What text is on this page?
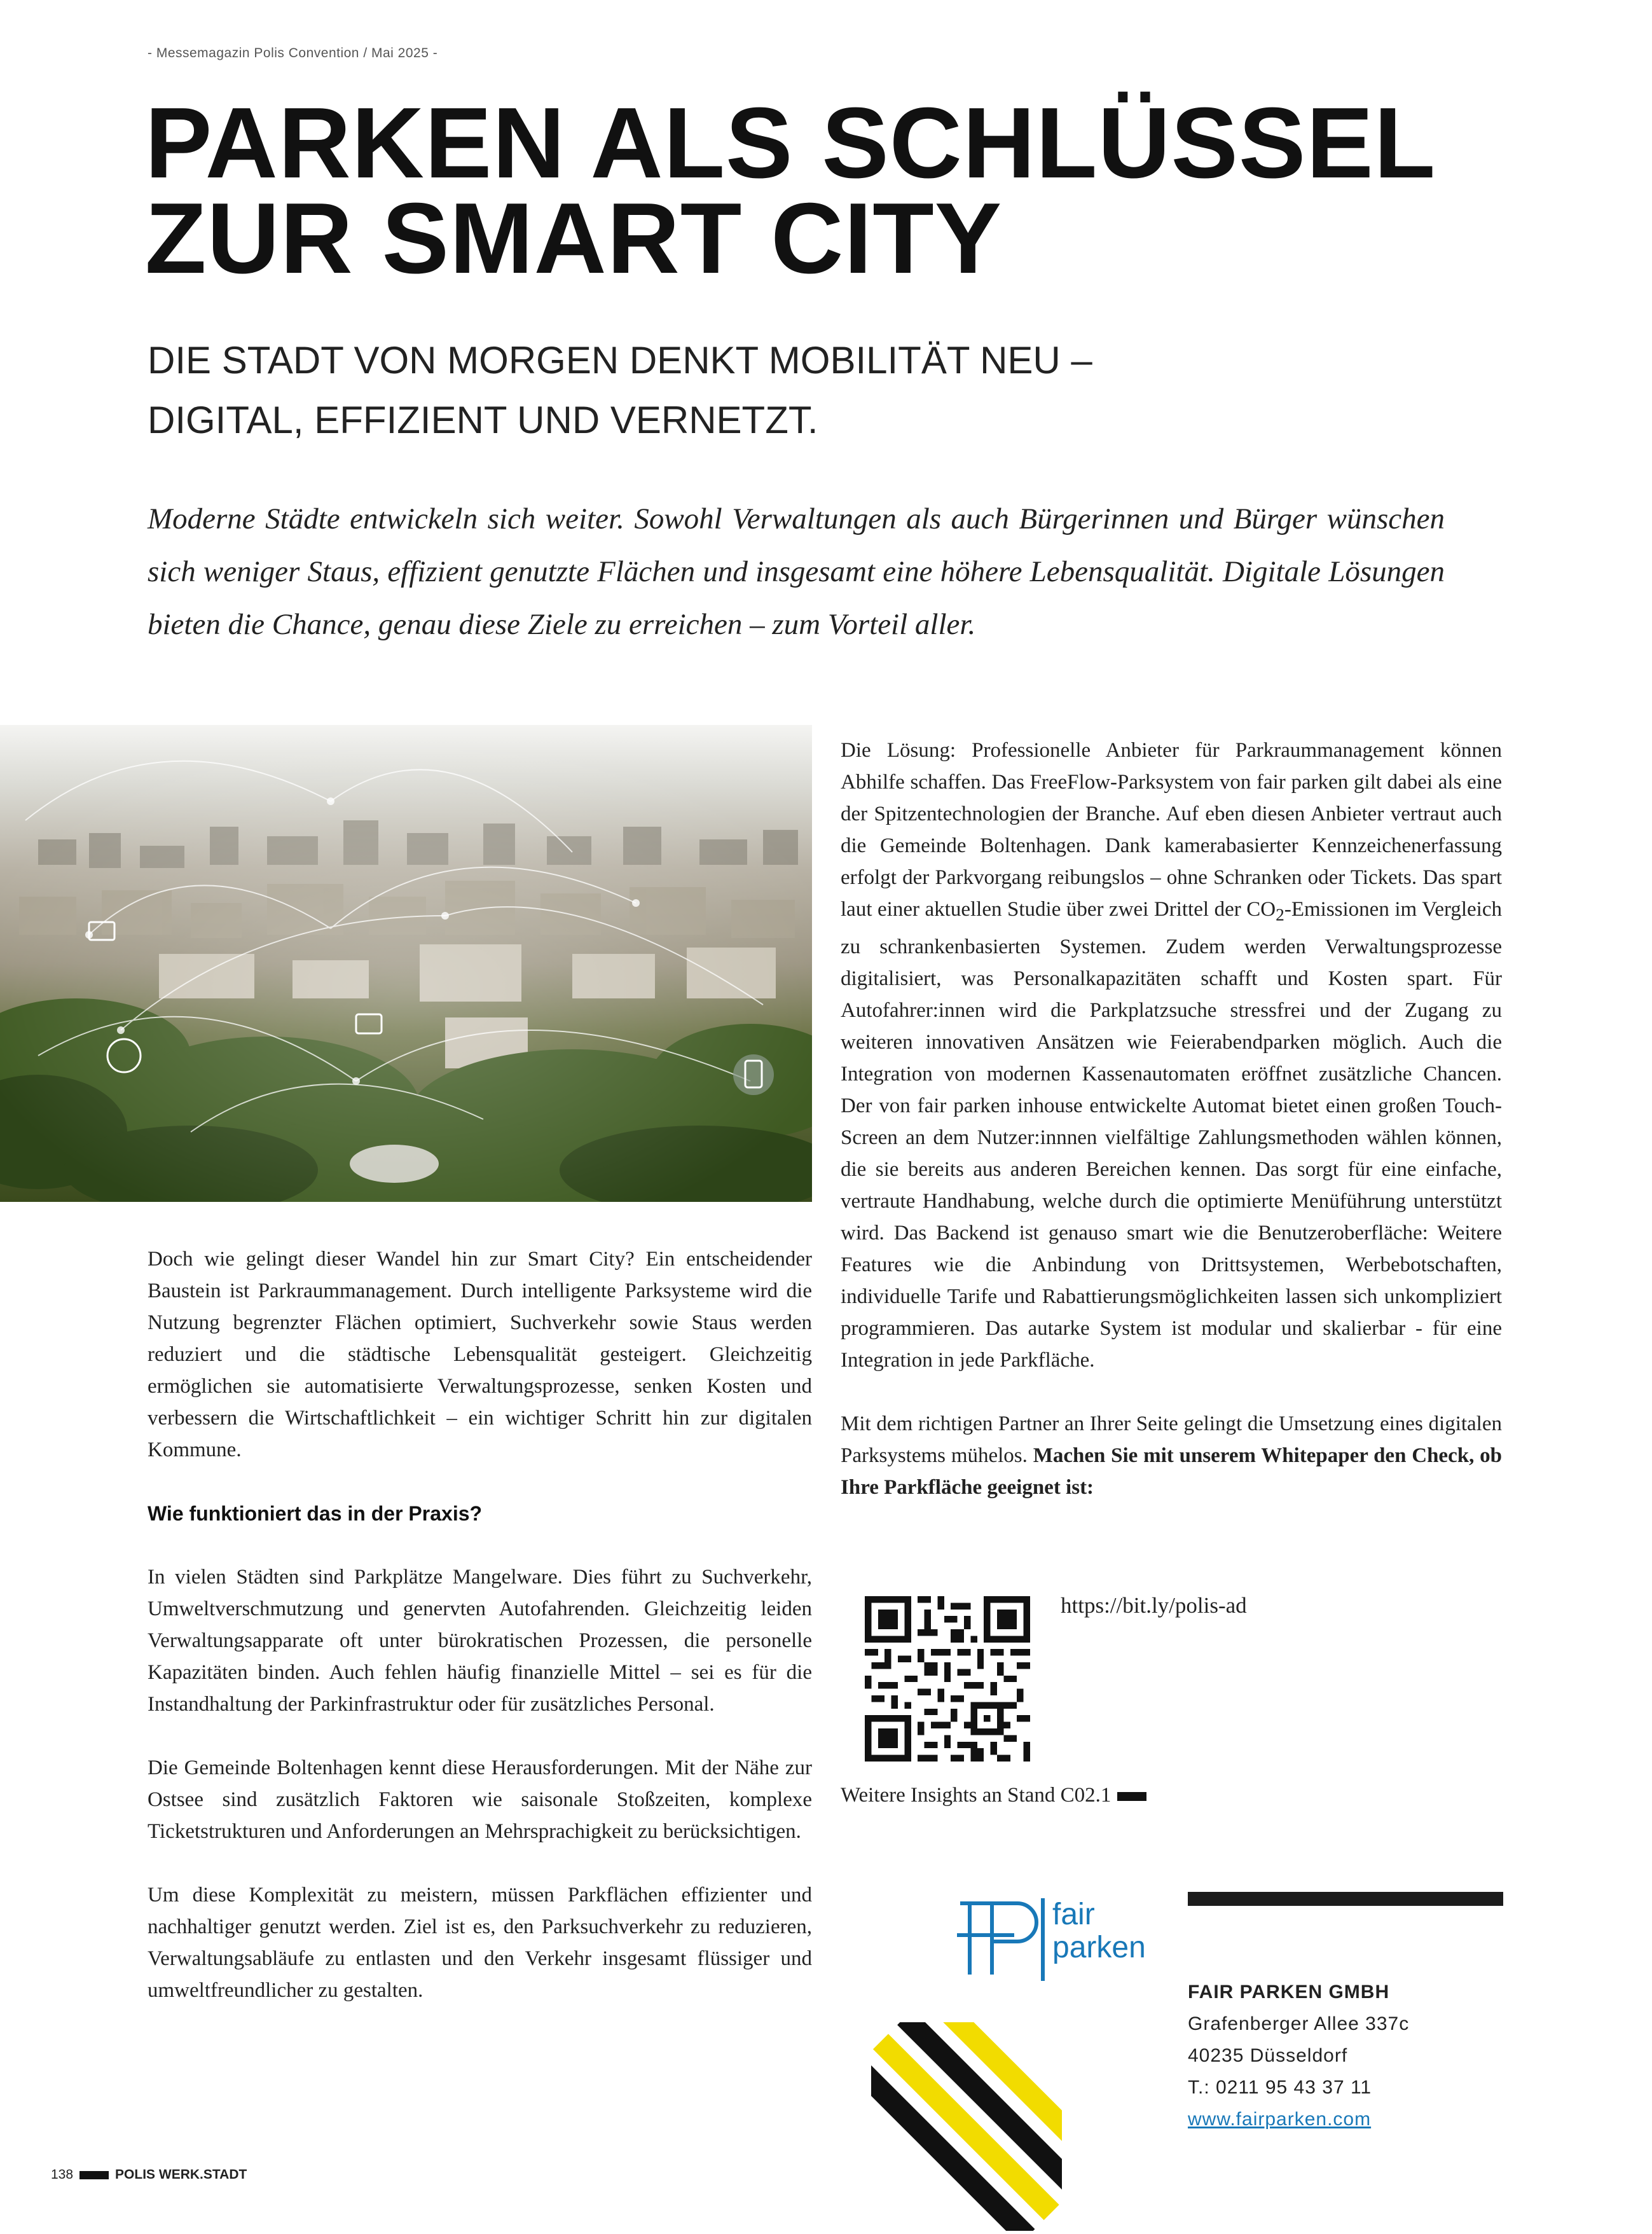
- Messemagazin Polis Convention / Mai 2025 -
PARKEN ALS SCHLÜSSEL
ZUR SMART CITY
DIE STADT VON MORGEN DENKT MOBILITÄT NEU –
DIGITAL, EFFIZIENT UND VERNETZT.

Moderne Städte entwickeln sich weiter. Sowohl Verwaltungen als auch Bürgerinnen und Bürger wünschen sich weniger Staus, effizient genutzte Flächen und insgesamt eine höhere Lebensqualität. Digitale Lösungen bieten die Chance, genau diese Ziele zu erreichen – zum Vorteil aller.

Doch wie gelingt dieser Wandel hin zur Smart City? Ein entscheidender Baustein ist Parkraummanagement. Durch intelligente Parksysteme wird die Nutzung begrenzter Flächen optimiert, Suchverkehr sowie Staus werden reduziert und die städtische Lebensqualität gesteigert. Gleichzeitig ermöglichen sie automatisierte Verwaltungsprozesse, senken Kosten und verbessern die Wirtschaftlichkeit – ein wichtiger Schritt hin zur digitalen Kommune.

Wie funktioniert das in der Praxis?

In vielen Städten sind Parkplätze Mangelware. Dies führt zu Suchverkehr, Umweltverschmutzung und genervten Autofahrenden. Gleichzeitig leiden Verwaltungsapparate oft unter bürokratischen Prozessen, die personelle Kapazitäten binden. Auch fehlen häufig finanzielle Mittel – sei es für die Instandhaltung der Parkinfrastruktur oder für zusätzliches Personal.

Die Gemeinde Boltenhagen kennt diese Herausforderungen. Mit der Nähe zur Ostsee sind zusätzlich Faktoren wie saisonale Stoßzeiten, komplexe Ticketstrukturen und Anforderungen an Mehrsprachigkeit zu berücksichtigen.

Um diese Komplexität zu meistern, müssen Parkflächen effizienter und nachhaltiger genutzt werden. Ziel ist es, den Parksuchverkehr zu reduzieren, Verwaltungsabläufe zu entlasten und den Verkehr insgesamt flüssiger und umweltfreundlicher zu gestalten.

Die Lösung: Professionelle Anbieter für Parkraummanagement können Abhilfe schaffen. Das FreeFlow-Parksystem von fair parken gilt dabei als eine der Spitzentechnologien der Branche. Auf eben diesen Anbieter vertraut auch die Gemeinde Boltenhagen. Dank kamerabasierter Kennzeichenerfassung erfolgt der Parkvorgang reibungslos – ohne Schranken oder Tickets. Das spart laut einer aktuellen Studie über zwei Drittel der $CO_2$-Emissionen im Vergleich zu schrankenbasierten Systemen. Zudem werden Verwaltungsprozesse digitalisiert, was Personalkapazitäten schafft und Kosten spart. Für Autofahrer:innen wird die Parkplatzsuche stressfrei und der Zugang zu weiteren innovativen Ansätzen wie Feierabendparken möglich. Auch die Integration von modernen Kassenautomaten eröffnet zusätzliche Chancen. Der von fair parken inhouse entwickelte Automat bietet einen großen Touch-Screen an dem Nutzer:innnen vielfältige Zahlungsmethoden wählen können, die sie bereits aus anderen Bereichen kennen. Das sorgt für eine einfache, vertraute Handhabung, welche durch die optimierte Menüführung unterstützt wird. Das Backend ist genauso smart wie die Benutzeroberfläche: Weitere Features wie die Anbindung von Drittsystemen, Werbebotschaften, individuelle Tarife und Rabattierungsmöglichkeiten lassen sich unkompliziert programmieren. Das autarke System ist modular und skalierbar - für eine Integration in jede Parkfläche.

Mit dem richtigen Partner an Ihrer Seite gelingt die Umsetzung eines digitalen Parksystems mühelos. Machen Sie mit unserem Whitepaper den Check, ob Ihre Parkfläche geeignet ist:

https://bit.ly/polis-ad
Weitere Insights an Stand C02.1
fair
parken
FAIR PARKEN GMBH
Grafenberger Allee 337c
40235 Düsseldorf
T.: 0211 95 43 37 11
www.fairparken.com
138	POLIS WERK.STADT
